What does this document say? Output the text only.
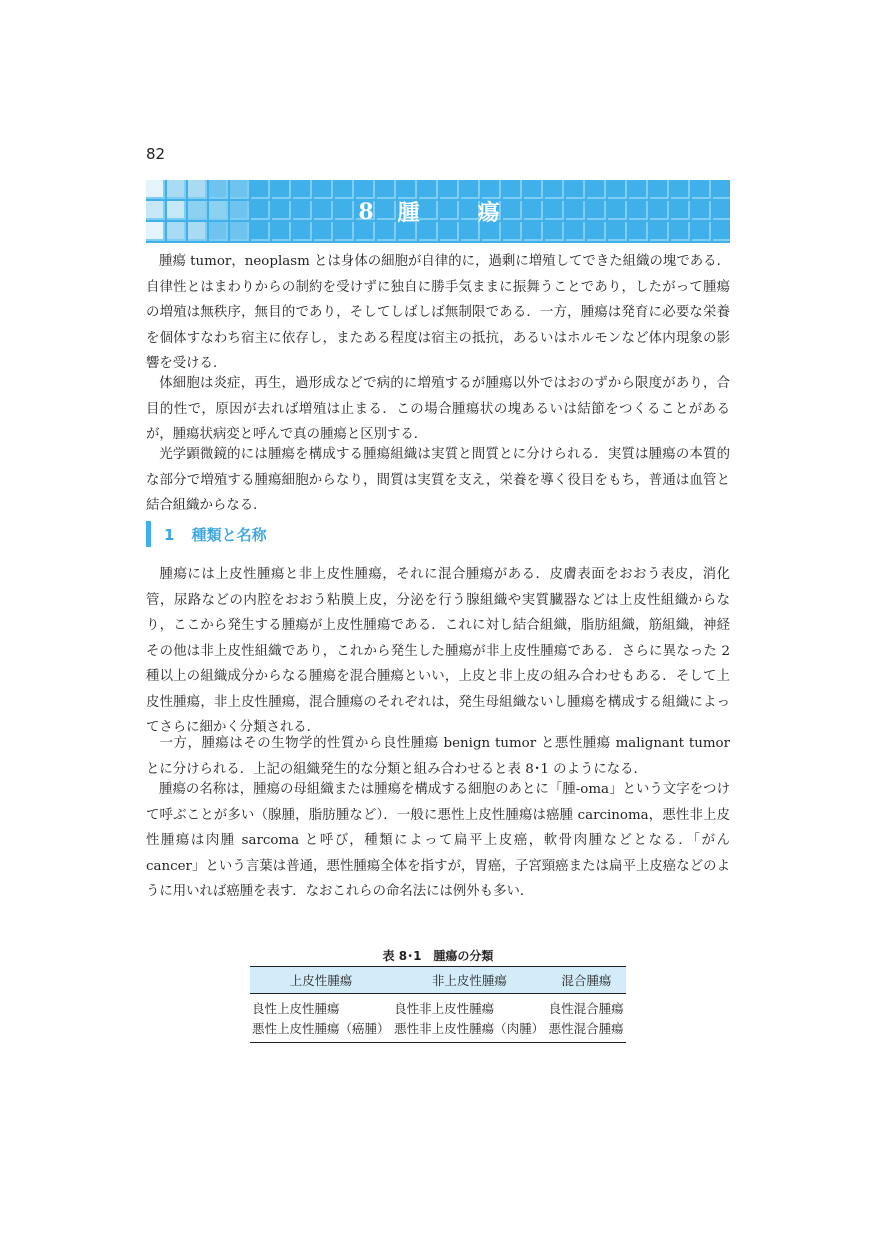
82
8 腫　瘍

腫瘍 tumor，neoplasm とは身体の細胞が自律的に，過剰に増殖してできた組織の塊である．自律性とはまわりからの制約を受けずに独自に勝手気ままに振舞うことであり，したがって腫瘍の増殖は無秩序，無目的であり，そしてしばしば無制限である．一方，腫瘍は発育に必要な栄養を個体すなわち宿主に依存し，またある程度は宿主の抵抗，あるいはホルモンなど体内現象の影響を受ける．

体細胞は炎症，再生，過形成などで病的に増殖するが腫瘍以外ではおのずから限度があり，合目的性で，原因が去れば増殖は止まる．この場合腫瘍状の塊あるいは結節をつくることがあるが，腫瘍状病変と呼んで真の腫瘍と区別する．

光学顕微鏡的には腫瘍を構成する腫瘍組織は実質と間質とに分けられる．実質は腫瘍の本質的な部分で増殖する腫瘍細胞からなり，間質は実質を支え，栄養を導く役目をもち，普通は血管と結合組織からなる．

1 種類と名称

腫瘍には上皮性腫瘍と非上皮性腫瘍，それに混合腫瘍がある．皮膚表面をおおう表皮，消化管，尿路などの内腔をおおう粘膜上皮，分泌を行う腺組織や実質臓器などは上皮性組織からなり，ここから発生する腫瘍が上皮性腫瘍である．これに対し結合組織，脂肪組織，筋組織，神経その他は非上皮性組織であり，これから発生した腫瘍が非上皮性腫瘍である．さらに異なった 2 種以上の組織成分からなる腫瘍を混合腫瘍といい，上皮と非上皮の組み合わせもある．そして上皮性腫瘍，非上皮性腫瘍，混合腫瘍のそれぞれは，発生母組織ないし腫瘍を構成する組織によってさらに細かく分類される．

一方，腫瘍はその生物学的性質から良性腫瘍 benign tumor と悪性腫瘍 malignant tumor とに分けられる．上記の組織発生的な分類と組み合わせると表 8･1 のようになる．

腫瘍の名称は，腫瘍の母組織または腫瘍を構成する細胞のあとに「腫-oma」という文字をつけて呼ぶことが多い（腺腫，脂肪腫など）．一般に悪性上皮性腫瘍は癌腫 carcinoma，悪性非上皮性腫瘍は肉腫 sarcoma と呼び，種類によって扁平上皮癌，軟骨肉腫などとなる．「がん cancer」という言葉は普通，悪性腫瘍全体を指すが，胃癌，子宮頸癌または扁平上皮癌などのように用いれば癌腫を表す．なおこれらの命名法には例外も多い．

表 8･1　腫瘍の分類
上皮性腫瘍	非上皮性腫瘍	混合腫瘍
良性上皮性腫瘍	良性非上皮性腫瘍	良性混合腫瘍
悪性上皮性腫瘍（癌腫）	悪性非上皮性腫瘍（肉腫）	悪性混合腫瘍
